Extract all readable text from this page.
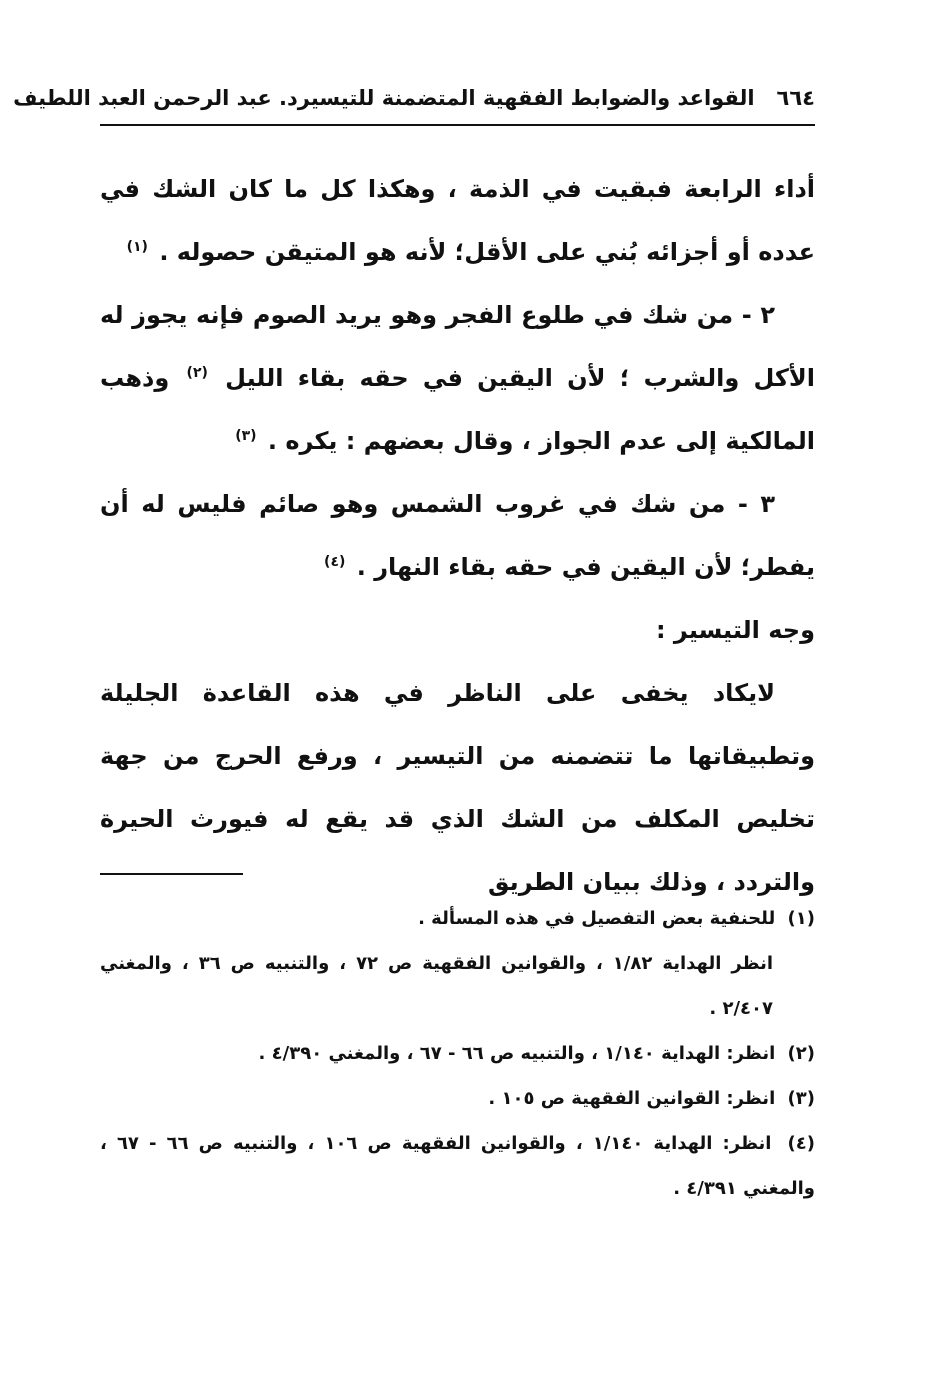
٦٦٤
القواعد والضوابط الفقهية المتضمنة للتيسير
د. عبد الرحمن العبد اللطيف

أداء الرابعة فبقيت في الذمة ، وهكذا كل ما كان الشك في عدده أو أجزائه بُني على الأقل؛ لأنه هو المتيقن حصوله . $^{(١)}$

٢ - من شك في طلوع الفجر وهو يريد الصوم فإنه يجوز له الأكل والشرب ؛ لأن اليقين في حقه بقاء الليل $^{(٢)}$ وذهب المالكية إلى عدم الجواز ، وقال بعضهم : يكره . $^{(٣)}$

٣ - من شك في غروب الشمس وهو صائم فليس له أن يفطر؛ لأن اليقين في حقه بقاء النهار . $^{(٤)}$

وجه التيسير :

لايكاد يخفى على الناظر في هذه القاعدة الجليلة وتطبيقاتها ما تتضمنه من التيسير ، ورفع الحرج من جهة تخليص المكلف من الشك الذي قد يقع له فيورث الحيرة والتردد ، وذلك ببيان الطريق

(١) للحنفية بعض التفصيل في هذه المسألة .

انظر الهداية ١/٨٢ ، والقوانين الفقهية ص ٧٢ ، والتنبيه ص ٣٦ ، والمغني ٢/٤٠٧ .

(٢) انظر: الهداية ١/١٤٠ ، والتنبيه ص ٦٦ - ٦٧ ، والمغني ٤/٣٩٠ .

(٣) انظر: القوانين الفقهية ص ١٠٥ .

(٤) انظر: الهداية ١/١٤٠ ، والقوانين الفقهية ص ١٠٦ ، والتنبيه ص ٦٦ - ٦٧ ، والمغني ٤/٣٩١ .
